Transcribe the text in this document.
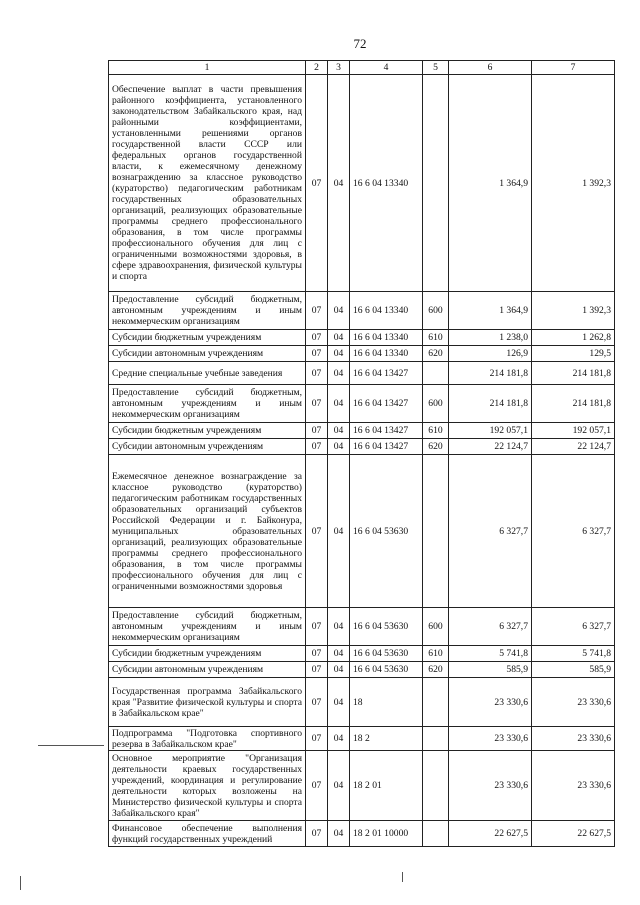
72
1	2	3	4	5	6	7
Обеспечение выплат в части превышения районного коэффициента, установленного законодательством Забайкальского края, над районными коэффициентами, установленными решениями органов государственной власти СССР или федеральных органов государственной власти, к ежемесячному денежному вознаграждению за классное руководство (кураторство) педагогическим работникам государственных образовательных организаций, реализующих образовательные программы среднего профессионального образования, в том числе программы профессионального обучения для лиц с ограниченными возможностями здоровья, в сфере здравоохранения, физической культуры и спорта	07	04	16 6 04 13340		1 364,9	1 392,3
Предоставление субсидий бюджетным, автономным учреждениям и иным некоммерческим организациям	07	04	16 6 04 13340	600	1 364,9	1 392,3
Субсидии бюджетным учреждениям	07	04	16 6 04 13340	610	1 238,0	1 262,8
Субсидии автономным учреждениям	07	04	16 6 04 13340	620	126,9	129,5
Средние специальные учебные заведения	07	04	16 6 04 13427		214 181,8	214 181,8
Предоставление субсидий бюджетным, автономным учреждениям и иным некоммерческим организациям	07	04	16 6 04 13427	600	214 181,8	214 181,8
Субсидии бюджетным учреждениям	07	04	16 6 04 13427	610	192 057,1	192 057,1
Субсидии автономным учреждениям	07	04	16 6 04 13427	620	22 124,7	22 124,7
Ежемесячное денежное вознаграждение за классное руководство (кураторство) педагогическим работникам государственных образовательных организаций субъектов Российской Федерации и г. Байконура, муниципальных образовательных организаций, реализующих образовательные программы среднего профессионального образования, в том числе программы профессионального обучения для лиц с ограниченными возможностями здоровья	07	04	16 6 04 53630		6 327,7	6 327,7
Предоставление субсидий бюджетным, автономным учреждениям и иным некоммерческим организациям	07	04	16 6 04 53630	600	6 327,7	6 327,7
Субсидии бюджетным учреждениям	07	04	16 6 04 53630	610	5 741,8	5 741,8
Субсидии автономным учреждениям	07	04	16 6 04 53630	620	585,9	585,9
Государственная программа Забайкальского края "Развитие физической культуры и спорта в Забайкальском крае"	07	04	18		23 330,6	23 330,6
Подпрограмма "Подготовка спортивного резерва в Забайкальском крае"	07	04	18 2		23 330,6	23 330,6
Основное мероприятие "Организация деятельности краевых государственных учреждений, координация и регулирование деятельности которых возложены на Министерство физической культуры и спорта Забайкальского края"	07	04	18 2 01		23 330,6	23 330,6
Финансовое обеспечение выполнения функций государственных учреждений	07	04	18 2 01 10000		22 627,5	22 627,5
